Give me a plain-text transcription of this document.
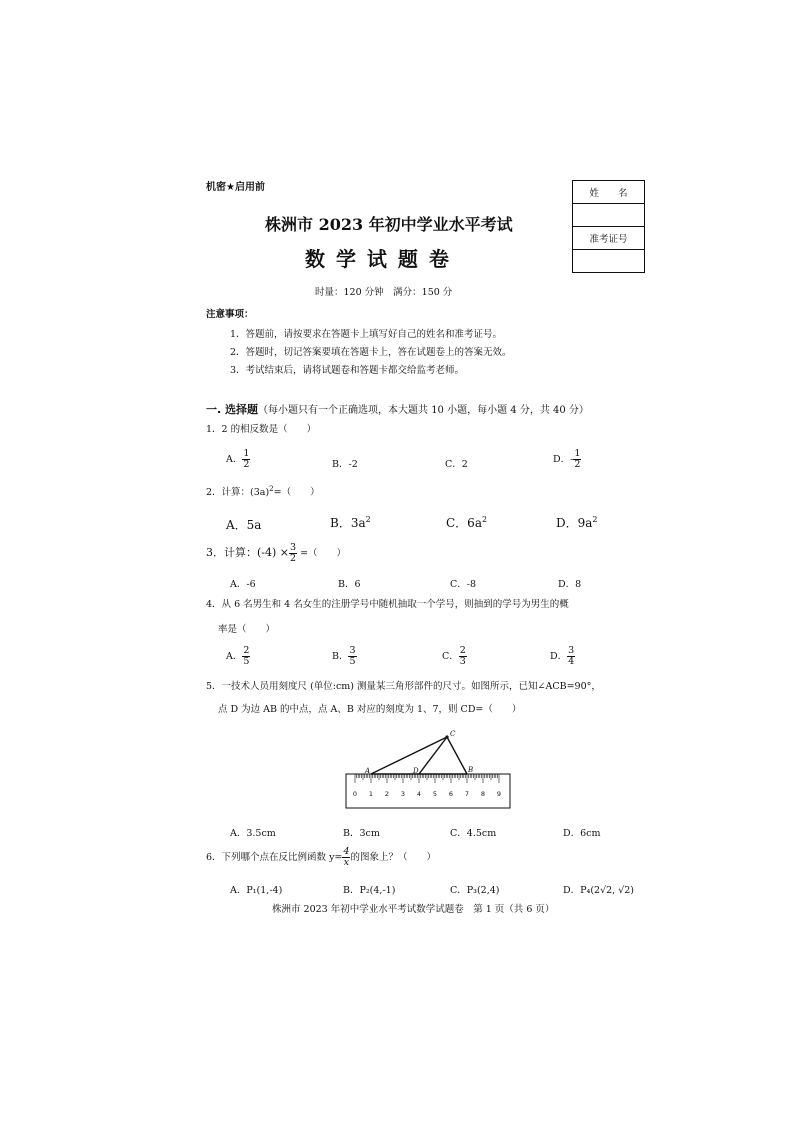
机密★启用前
株洲市 2023 年初中学业水平考试
数 学 试 题 卷
时量：120 分钟　满分：150 分
姓　　名

准考证号

注意事项：
1．答题前，请按要求在答题卡上填写好自己的姓名和准考证号。
2．答题时，切记答案要填在答题卡上，答在试题卷上的答案无效。
3．考试结束后，请将试题卷和答题卡都交给监考老师。
一. 选择题（每小题只有一个正确选项，本大题共 10 小题，每小题 4 分，共 40 分）
1．2 的相反数是（　　）
A． $\frac{1}{2}$	B．-2	C．2	D．- $\frac{1}{2}$
2．计算：$(3a)^2=$（　　）
A．5a	B．$3a^2$	C．$6a^2$	D．$9a^2$
3．计算：$(-4) \times \frac{3}{2}$ =（　　）
A．-6	B．6	C．-8	D．8
4．从 6 名男生和 4 名女生的注册学号中随机抽取一个学号，则抽到的学号为男生的概
率是（　　）
A． $\frac{2}{5}$	B． $\frac{3}{5}$	C． $\frac{2}{3}$	D． $\frac{3}{4}$
5．一技术人员用刻度尺 (单位:cm) 测量某三角形部件的尺寸。如图所示，已知∠ACB=90°，
点 D 为边 AB 的中点，点 A、B 对应的刻度为 1、7，则 CD=（　　）
0 1 2 3 4 5 6 7 8 9
A	D	B
C
A．3.5cm	B．3cm	C．4.5cm	D．6cm
6．下列哪个点在反比例函数 $y= \frac{4}{x}$ 的图象上？（　　）
A．P₁(1,-4)	B．P₂(4,-1)	C．P₃(2,4)	D．P₄(2√2, √2)
株洲市 2023 年初中学业水平考试数学试题卷　第 1 页（共 6 页）
